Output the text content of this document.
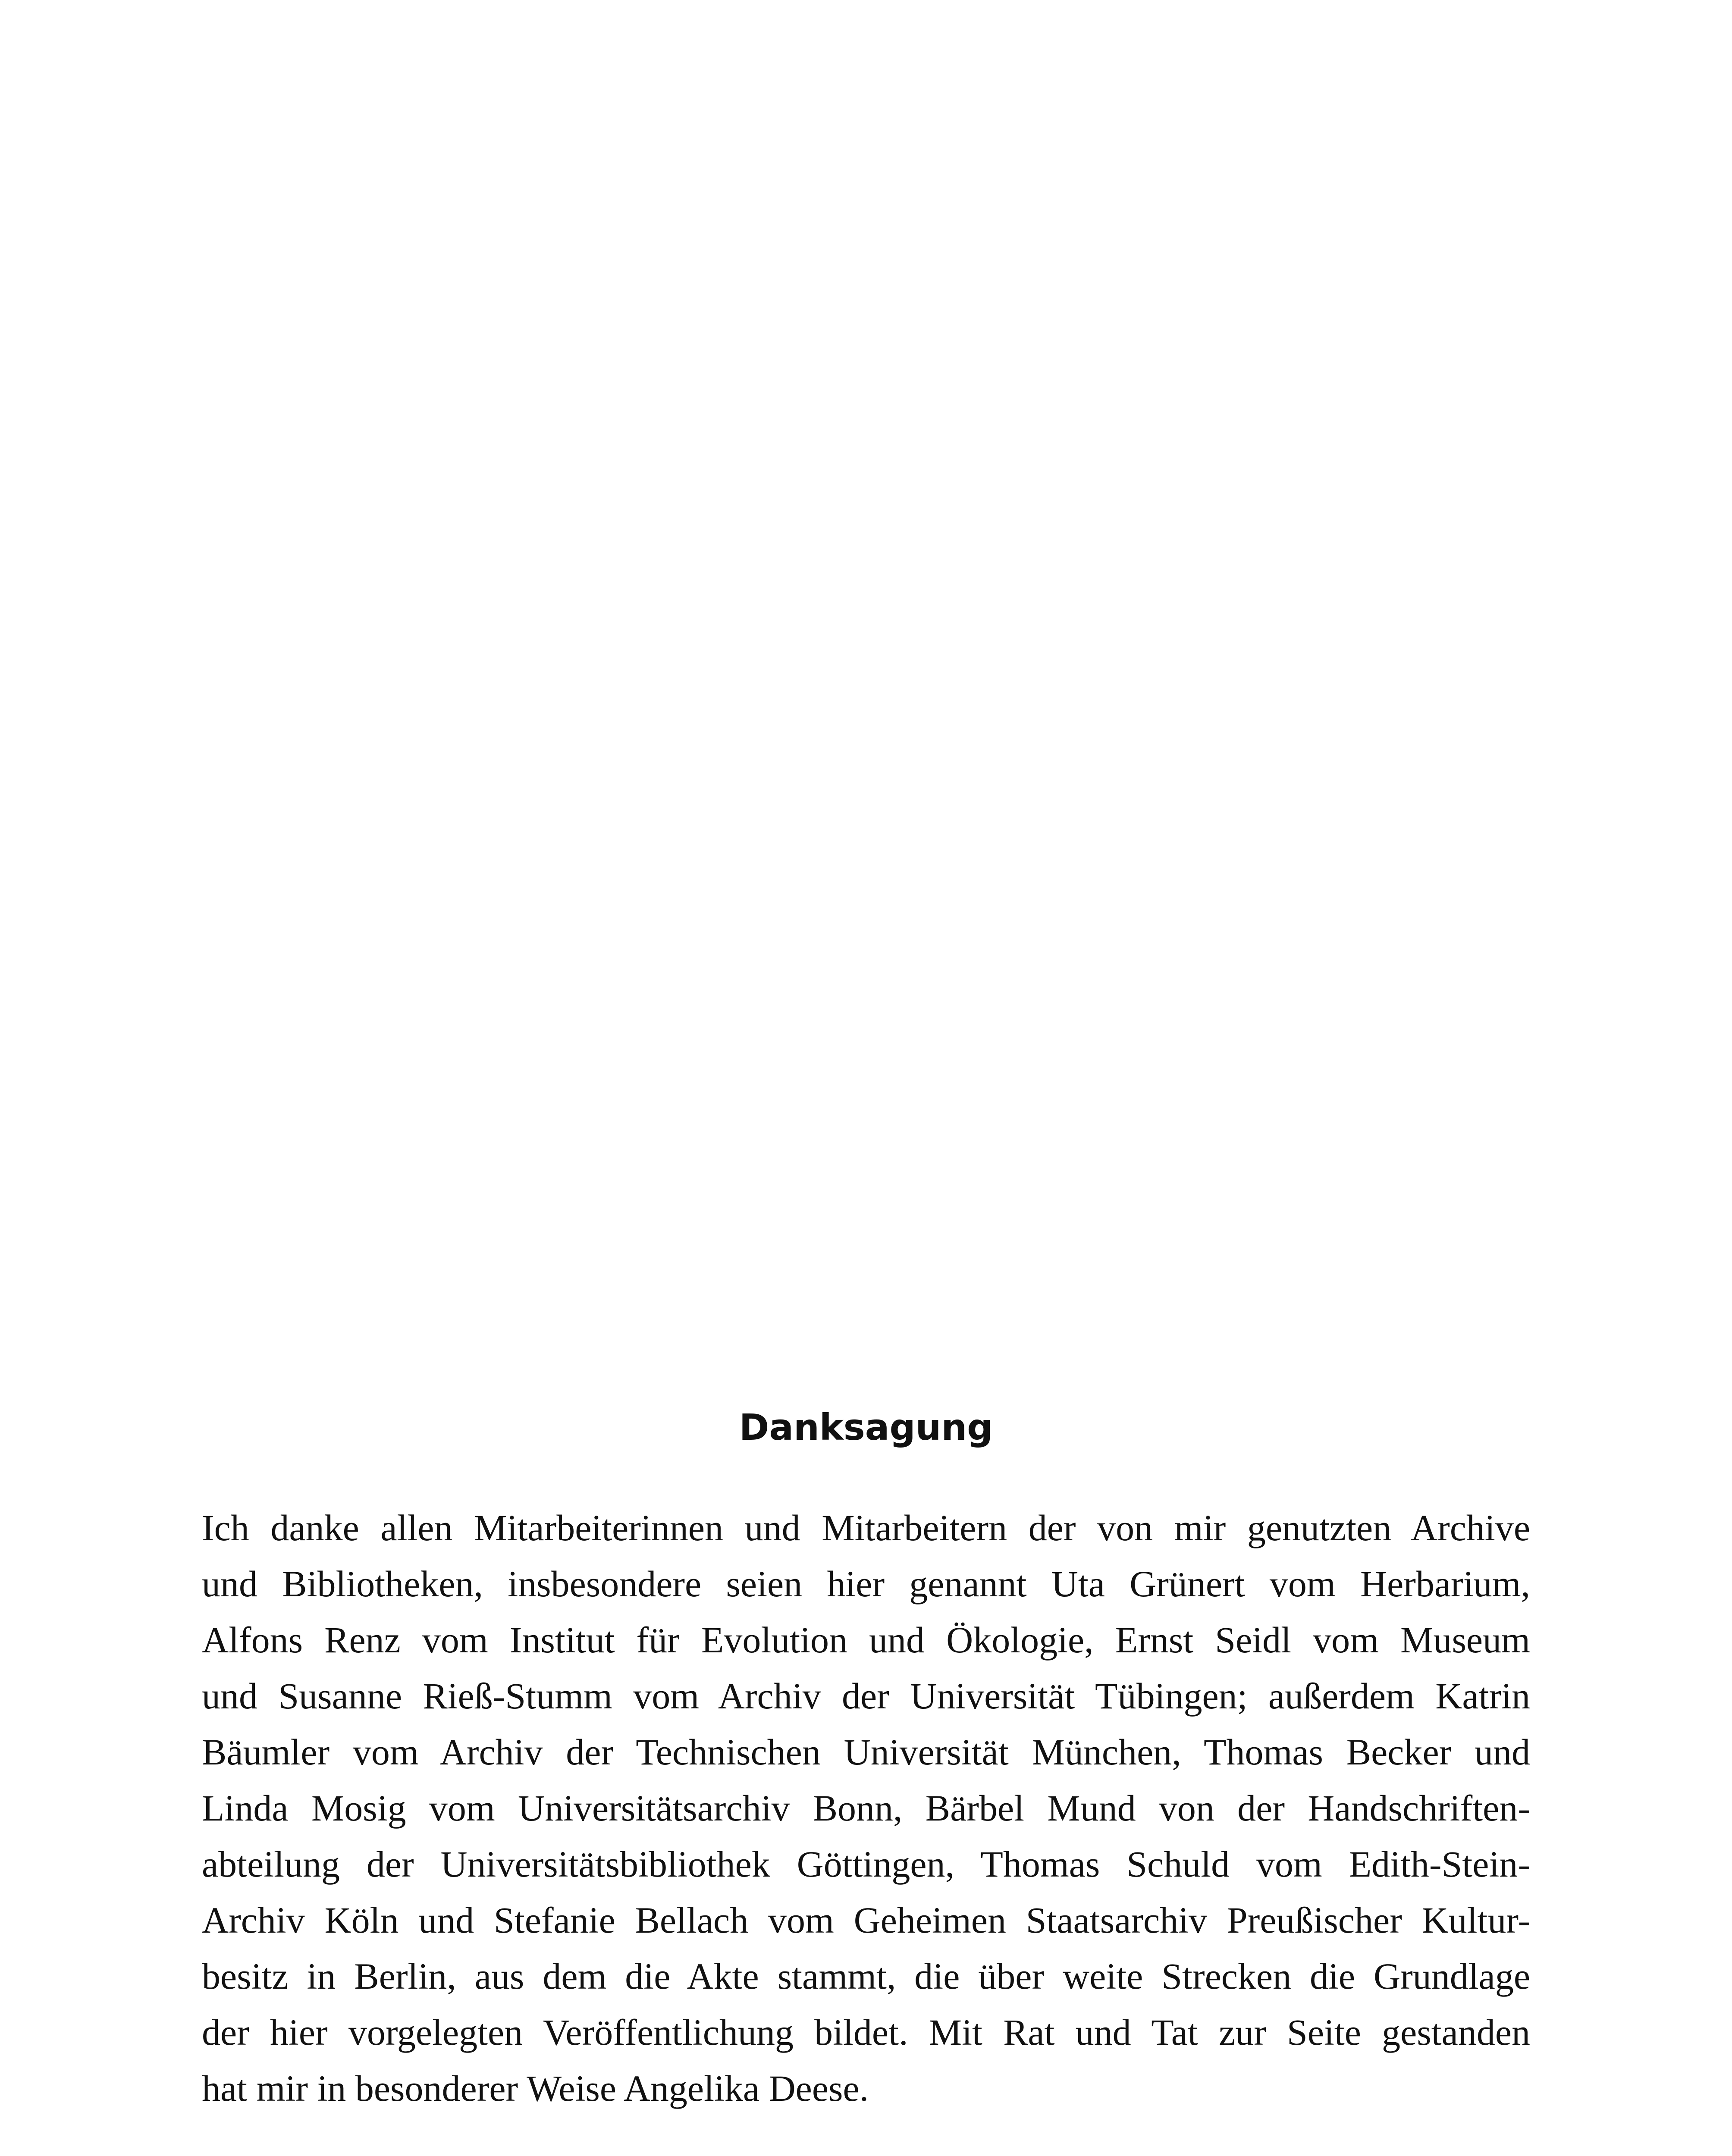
Danksagung
Ich danke allen Mitarbeiterinnen und Mitarbeitern der von mir genutzten Archive
und Bibliotheken, insbesondere seien hier genannt Uta Grünert vom Herbarium,
Alfons Renz vom Institut für Evolution und Ökologie, Ernst Seidl vom Museum
und Susanne Rieß-Stumm vom Archiv der Universität Tübingen; außerdem Katrin
Bäumler vom Archiv der Technischen Universität München, Thomas Becker und
Linda Mosig vom Universitätsarchiv Bonn, Bärbel Mund von der Handschriften-
abteilung der Universitätsbibliothek Göttingen, Thomas Schuld vom Edith-Stein-
Archiv Köln und Stefanie Bellach vom Geheimen Staatsarchiv Preußischer Kultur-
besitz in Berlin, aus dem die Akte stammt, die über weite Strecken die Grundlage
der hier vorgelegten Veröffentlichung bildet. Mit Rat und Tat zur Seite gestanden
hat mir in besonderer Weise Angelika Deese.
